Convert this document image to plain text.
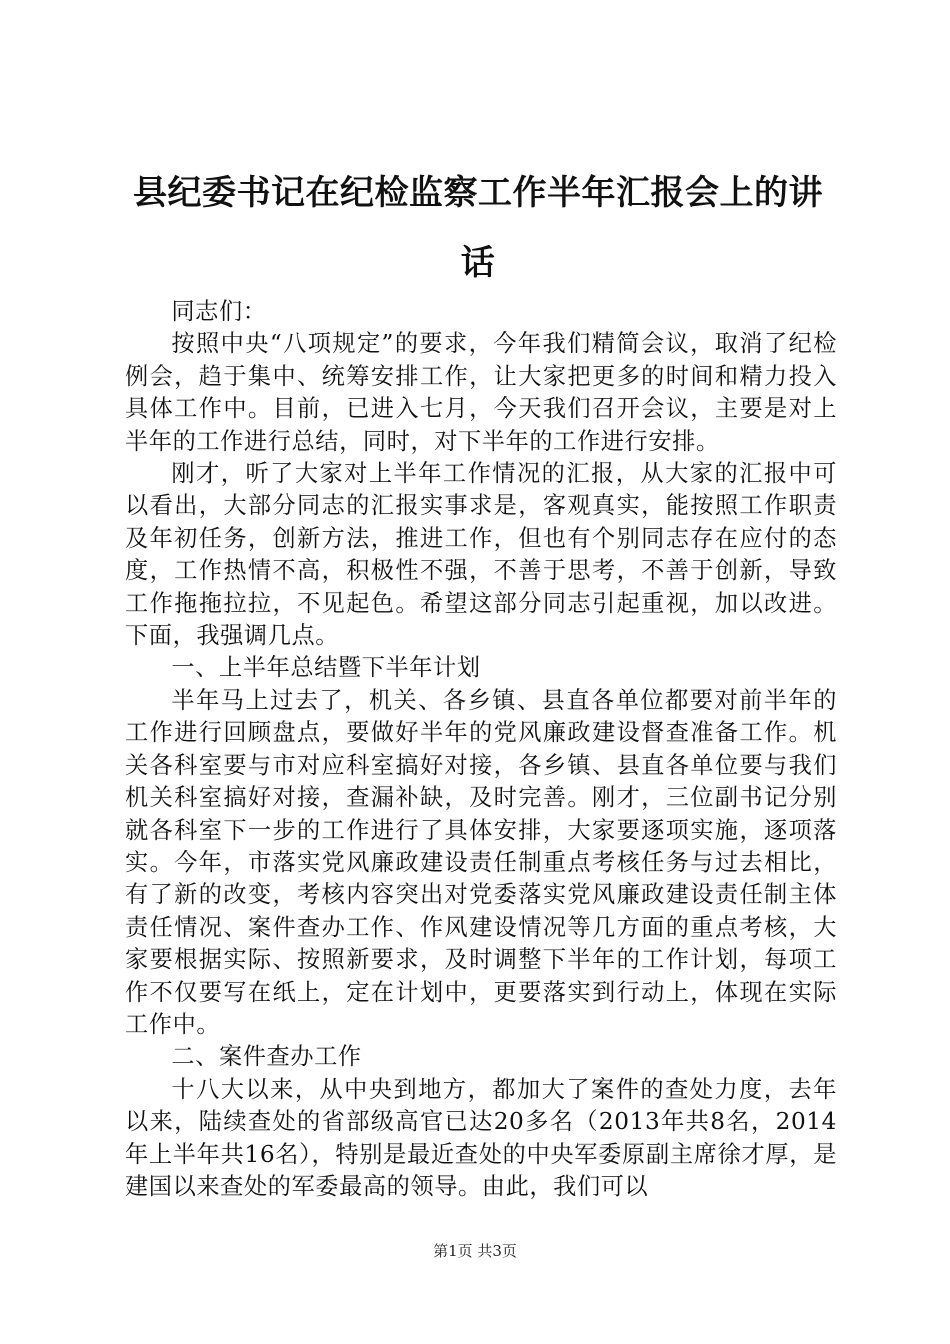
县纪委书记在纪检监察工作半年汇报会上的讲话

同志们：

按照中央“八项规定”的要求，今年我们精简会议，取消了纪检例会，趋于集中、统筹安排工作，让大家把更多的时间和精力投入具体工作中。目前，已进入七月，今天我们召开会议，主要是对上半年的工作进行总结，同时，对下半年的工作进行安排。

刚才，听了大家对上半年工作情况的汇报，从大家的汇报中可以看出，大部分同志的汇报实事求是，客观真实，能按照工作职责及年初任务，创新方法，推进工作，但也有个别同志存在应付的态度，工作热情不高，积极性不强，不善于思考，不善于创新，导致工作拖拖拉拉，不见起色。希望这部分同志引起重视，加以改进。下面，我强调几点。

一、上半年总结暨下半年计划

半年马上过去了，机关、各乡镇、县直各单位都要对前半年的工作进行回顾盘点，要做好半年的党风廉政建设督查准备工作。机关各科室要与市对应科室搞好对接，各乡镇、县直各单位要与我们机关科室搞好对接，查漏补缺，及时完善。刚才，三位副书记分别就各科室下一步的工作进行了具体安排，大家要逐项实施，逐项落实。今年，市落实党风廉政建设责任制重点考核任务与过去相比，有了新的改变，考核内容突出对党委落实党风廉政建设责任制主体责任情况、案件查办工作、作风建设情况等几方面的重点考核，大家要根据实际、按照新要求，及时调整下半年的工作计划，每项工作不仅要写在纸上，定在计划中，更要落实到行动上，体现在实际工作中。

二、案件查办工作

十八大以来，从中央到地方，都加大了案件的查处力度，去年以来，陆续查处的省部级高官已达20多名（2013年共8名，2014年上半年共16名），特别是最近查处的中央军委原副主席徐才厚，是建国以来查处的军委最高的领导。由此，我们可以

第1页 共3页
